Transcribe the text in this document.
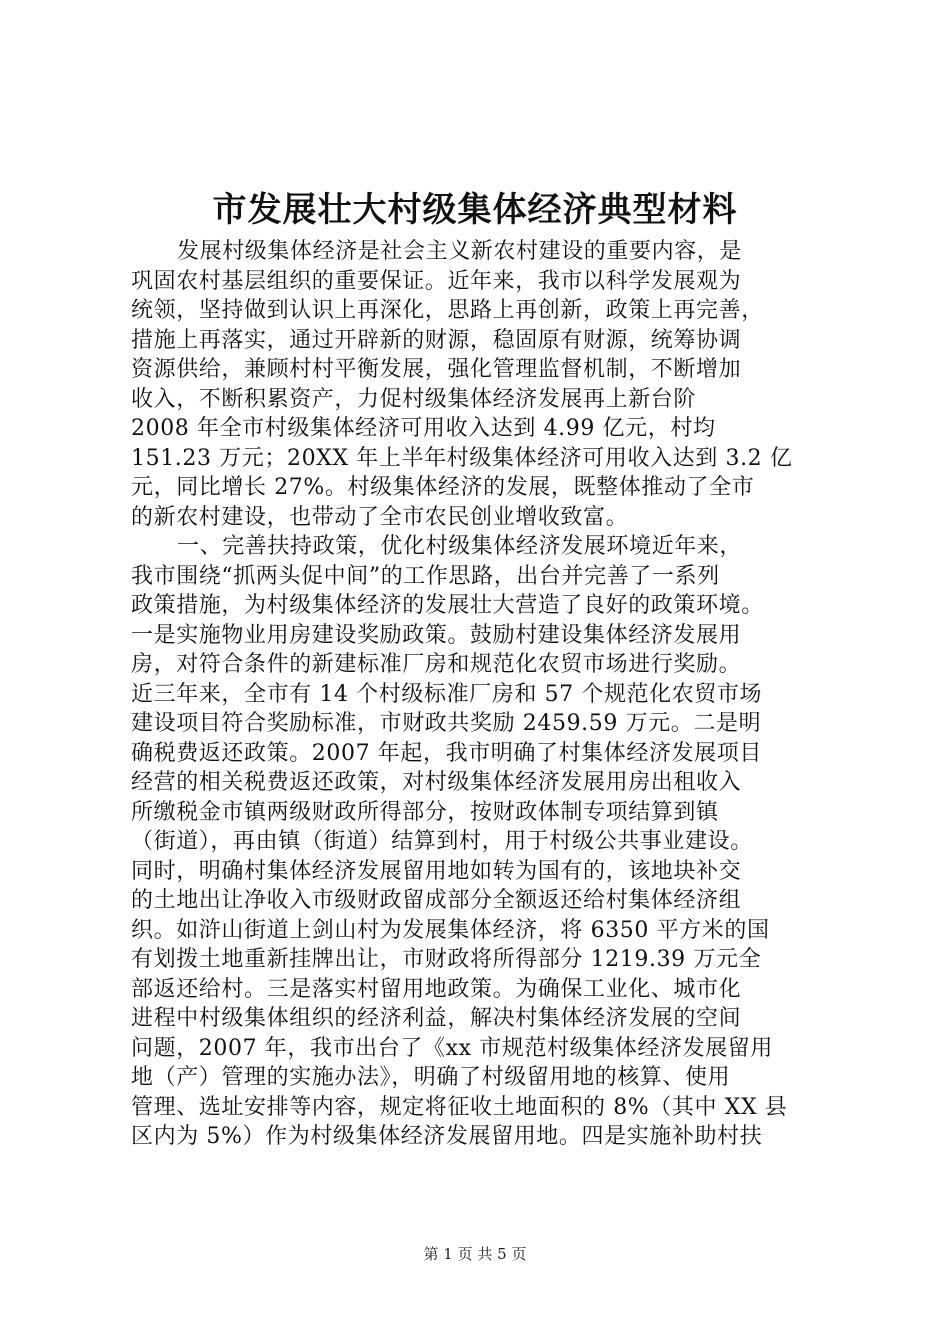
市发展壮大村级集体经济典型材料
发展村级集体经济是社会主义新农村建设的重要内容，是
巩固农村基层组织的重要保证。近年来，我市以科学发展观为
统领，坚持做到认识上再深化，思路上再创新，政策上再完善，
措施上再落实，通过开辟新的财源，稳固原有财源，统筹协调
资源供给，兼顾村村平衡发展，强化管理监督机制，不断增加
收入，不断积累资产，力促村级集体经济发展再上新台阶
2008 年全市村级集体经济可用收入达到 4.99 亿元，村均
151.23 万元；20XX 年上半年村级集体经济可用收入达到 3.2 亿
元，同比增长 27%。村级集体经济的发展，既整体推动了全市
的新农村建设，也带动了全市农民创业增收致富。
一、完善扶持政策，优化村级集体经济发展环境近年来，
我市围绕“抓两头促中间”的工作思路，出台并完善了一系列
政策措施，为村级集体经济的发展壮大营造了良好的政策环境。
一是实施物业用房建设奖励政策。鼓励村建设集体经济发展用
房，对符合条件的新建标准厂房和规范化农贸市场进行奖励。
近三年来，全市有 14 个村级标准厂房和 57 个规范化农贸市场
建设项目符合奖励标准，市财政共奖励 2459.59 万元。二是明
确税费返还政策。2007 年起，我市明确了村集体经济发展项目
经营的相关税费返还政策，对村级集体经济发展用房出租收入
所缴税金市镇两级财政所得部分，按财政体制专项结算到镇
（街道），再由镇（街道）结算到村，用于村级公共事业建设。
同时，明确村集体经济发展留用地如转为国有的，该地块补交
的土地出让净收入市级财政留成部分全额返还给村集体经济组
织。如浒山街道上剑山村为发展集体经济，将 6350 平方米的国
有划拨土地重新挂牌出让，市财政将所得部分 1219.39 万元全
部返还给村。三是落实村留用地政策。为确保工业化、城市化
进程中村级集体组织的经济利益，解决村集体经济发展的空间
问题，2007 年，我市出台了《xx 市规范村级集体经济发展留用
地（产）管理的实施办法》，明确了村级留用地的核算、使用
管理、选址安排等内容，规定将征收土地面积的 8%（其中 XX 县
区内为 5%）作为村级集体经济发展留用地。四是实施补助村扶
第 1 页 共 5 页
